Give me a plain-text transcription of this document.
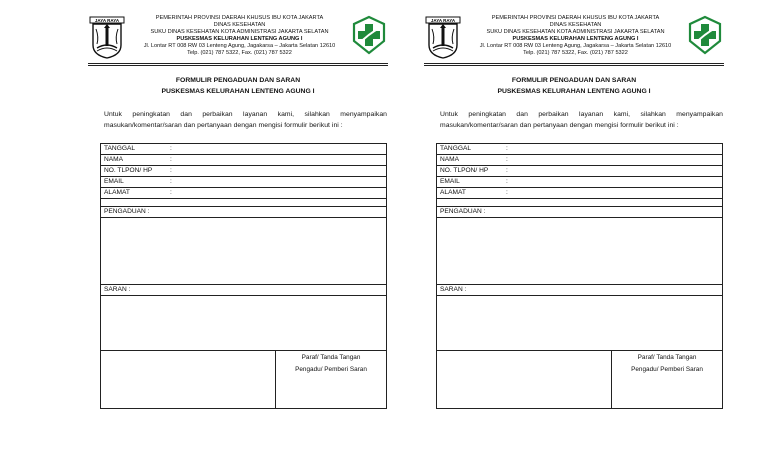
JAYA RAYA	PEMERINTAH PROVINSI DAERAH KHUSUS IBU KOTA JAKARTA
DINAS KESEHATAN
SUKU DINAS KESEHATAN KOTA ADMINISTRASI JAKARTA SELATAN
PUSKESMAS KELURAHAN LENTENG AGUNG I
Jl. Lontar RT 008 RW 03 Lenteng Agung, Jagakarsa – Jakarta Selatan 12610
Telp. (021) 787 5322, Fax. (021) 787 5322
FORMULIR PENGADUAN DAN SARAN
PUSKESMAS KELURAHAN LENTENG AGUNG I
Untuk peningkatan dan perbaikan layanan kami, silahkan menyampaikan masukan/komentar/saran dan pertanyaan dengan mengisi formulir berikut ini :
TANGGAL	:
NAMA	:
NO. TLPON/ HP	:
EMAIL	:
ALAMAT	:

PENGADUAN :

SARAN :

Paraf/ Tanda Tangan
Pengadu/ Pemberi Saran
JAYA RAYA	PEMERINTAH PROVINSI DAERAH KHUSUS IBU KOTA JAKARTA
DINAS KESEHATAN
SUKU DINAS KESEHATAN KOTA ADMINISTRASI JAKARTA SELATAN
PUSKESMAS KELURAHAN LENTENG AGUNG I
Jl. Lontar RT 008 RW 03 Lenteng Agung, Jagakarsa – Jakarta Selatan 12610
Telp. (021) 787 5322, Fax. (021) 787 5322
FORMULIR PENGADUAN DAN SARAN
PUSKESMAS KELURAHAN LENTENG AGUNG I
Untuk peningkatan dan perbaikan layanan kami, silahkan menyampaikan masukan/komentar/saran dan pertanyaan dengan mengisi formulir berikut ini :
TANGGAL	:
NAMA	:
NO. TLPON/ HP	:
EMAIL	:
ALAMAT	:

PENGADUAN :

SARAN :

Paraf/ Tanda Tangan
Pengadu/ Pemberi Saran
